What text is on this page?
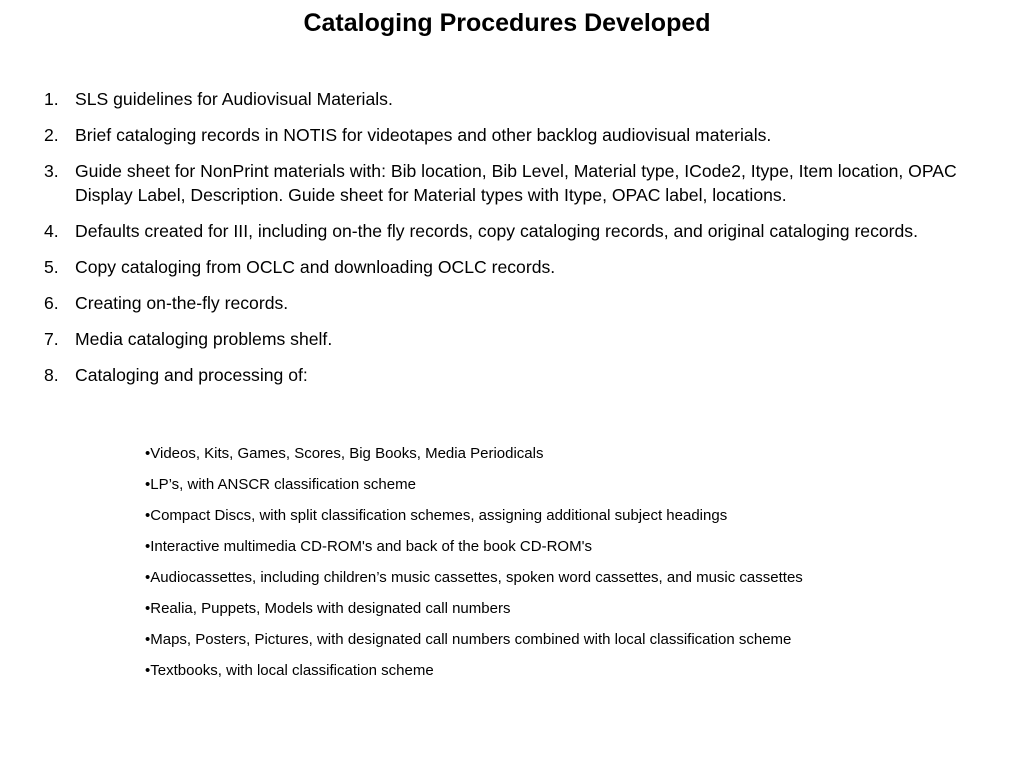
Cataloging Procedures Developed
1. SLS guidelines for Audiovisual Materials.
2. Brief cataloging records in NOTIS for videotapes and other backlog audiovisual materials.
3. Guide sheet for NonPrint materials with: Bib location, Bib Level, Material type, ICode2, Itype, Item location, OPAC Display Label, Description. Guide sheet for Material types with Itype, OPAC label, locations.
4. Defaults created for III, including on-the fly records, copy cataloging records, and original cataloging records.
5. Copy cataloging from OCLC and downloading OCLC records.
6. Creating on-the-fly records.
7. Media cataloging problems shelf.
8. Cataloging and processing of:
•Videos, Kits, Games, Scores, Big Books, Media Periodicals
•LP’s, with ANSCR classification scheme
•Compact Discs, with split classification schemes, assigning additional subject headings
•Interactive multimedia CD-ROM's and back of the book CD-ROM's
•Audiocassettes, including children’s music cassettes, spoken word cassettes, and music cassettes
•Realia, Puppets, Models with designated call numbers
•Maps, Posters, Pictures, with designated call numbers combined with local classification scheme
•Textbooks, with local classification scheme
